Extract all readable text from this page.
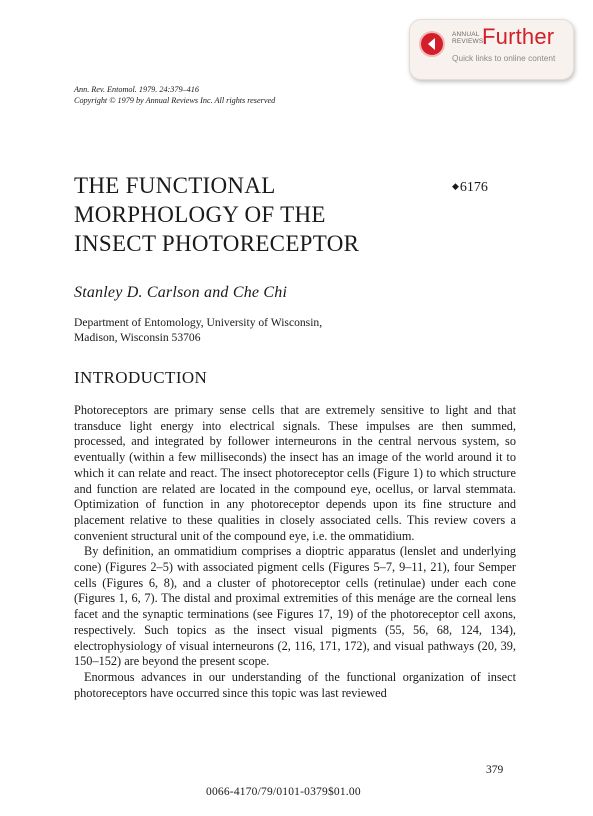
ANNUAL
REVIEWS
Further
Quick links to online content
Ann. Rev. Entomol. 1979. 24:379–416
Copyright © 1979 by Annual Reviews Inc. All rights reserved
THE FUNCTIONAL
MORPHOLOGY OF THE
INSECT PHOTORECEPTOR
◆6176
Stanley D. Carlson and Che Chi
Department of Entomology, University of Wisconsin,
Madison, Wisconsin 53706
INTRODUCTION

Photoreceptors are primary sense cells that are extremely sensitive to light and that transduce light energy into electrical signals. These impulses are then summed, processed, and integrated by follower interneurons in the central nervous system, so eventually (within a few milliseconds) the insect has an image of the world around it to which it can relate and react. The insect photoreceptor cells (Figure 1) to which structure and function are related are located in the compound eye, ocellus, or larval stemmata. Optimization of function in any photoreceptor depends upon its fine structure and placement relative to these qualities in closely associated cells. This review covers a convenient structural unit of the compound eye, i.e. the ommatidium.

By definition, an ommatidium comprises a dioptric apparatus (lenslet and underlying cone) (Figures 2–5) with associated pigment cells (Figures 5–7, 9–11, 21), four Semper cells (Figures 6, 8), and a cluster of photoreceptor cells (retinulae) under each cone (Figures 1, 6, 7). The distal and proximal extremities of this menáge are the corneal lens facet and the synaptic terminations (see Figures 17, 19) of the photoreceptor cell axons, respectively. Such topics as the insect visual pigments (55, 56, 68, 124, 134), electrophysiology of visual interneurons (2, 116, 171, 172), and visual pathways (20, 39, 150–152) are beyond the present scope.

Enormous advances in our understanding of the functional organization of insect photoreceptors have occurred since this topic was last reviewed

379
0066-4170/79/0101-0379$01.00
